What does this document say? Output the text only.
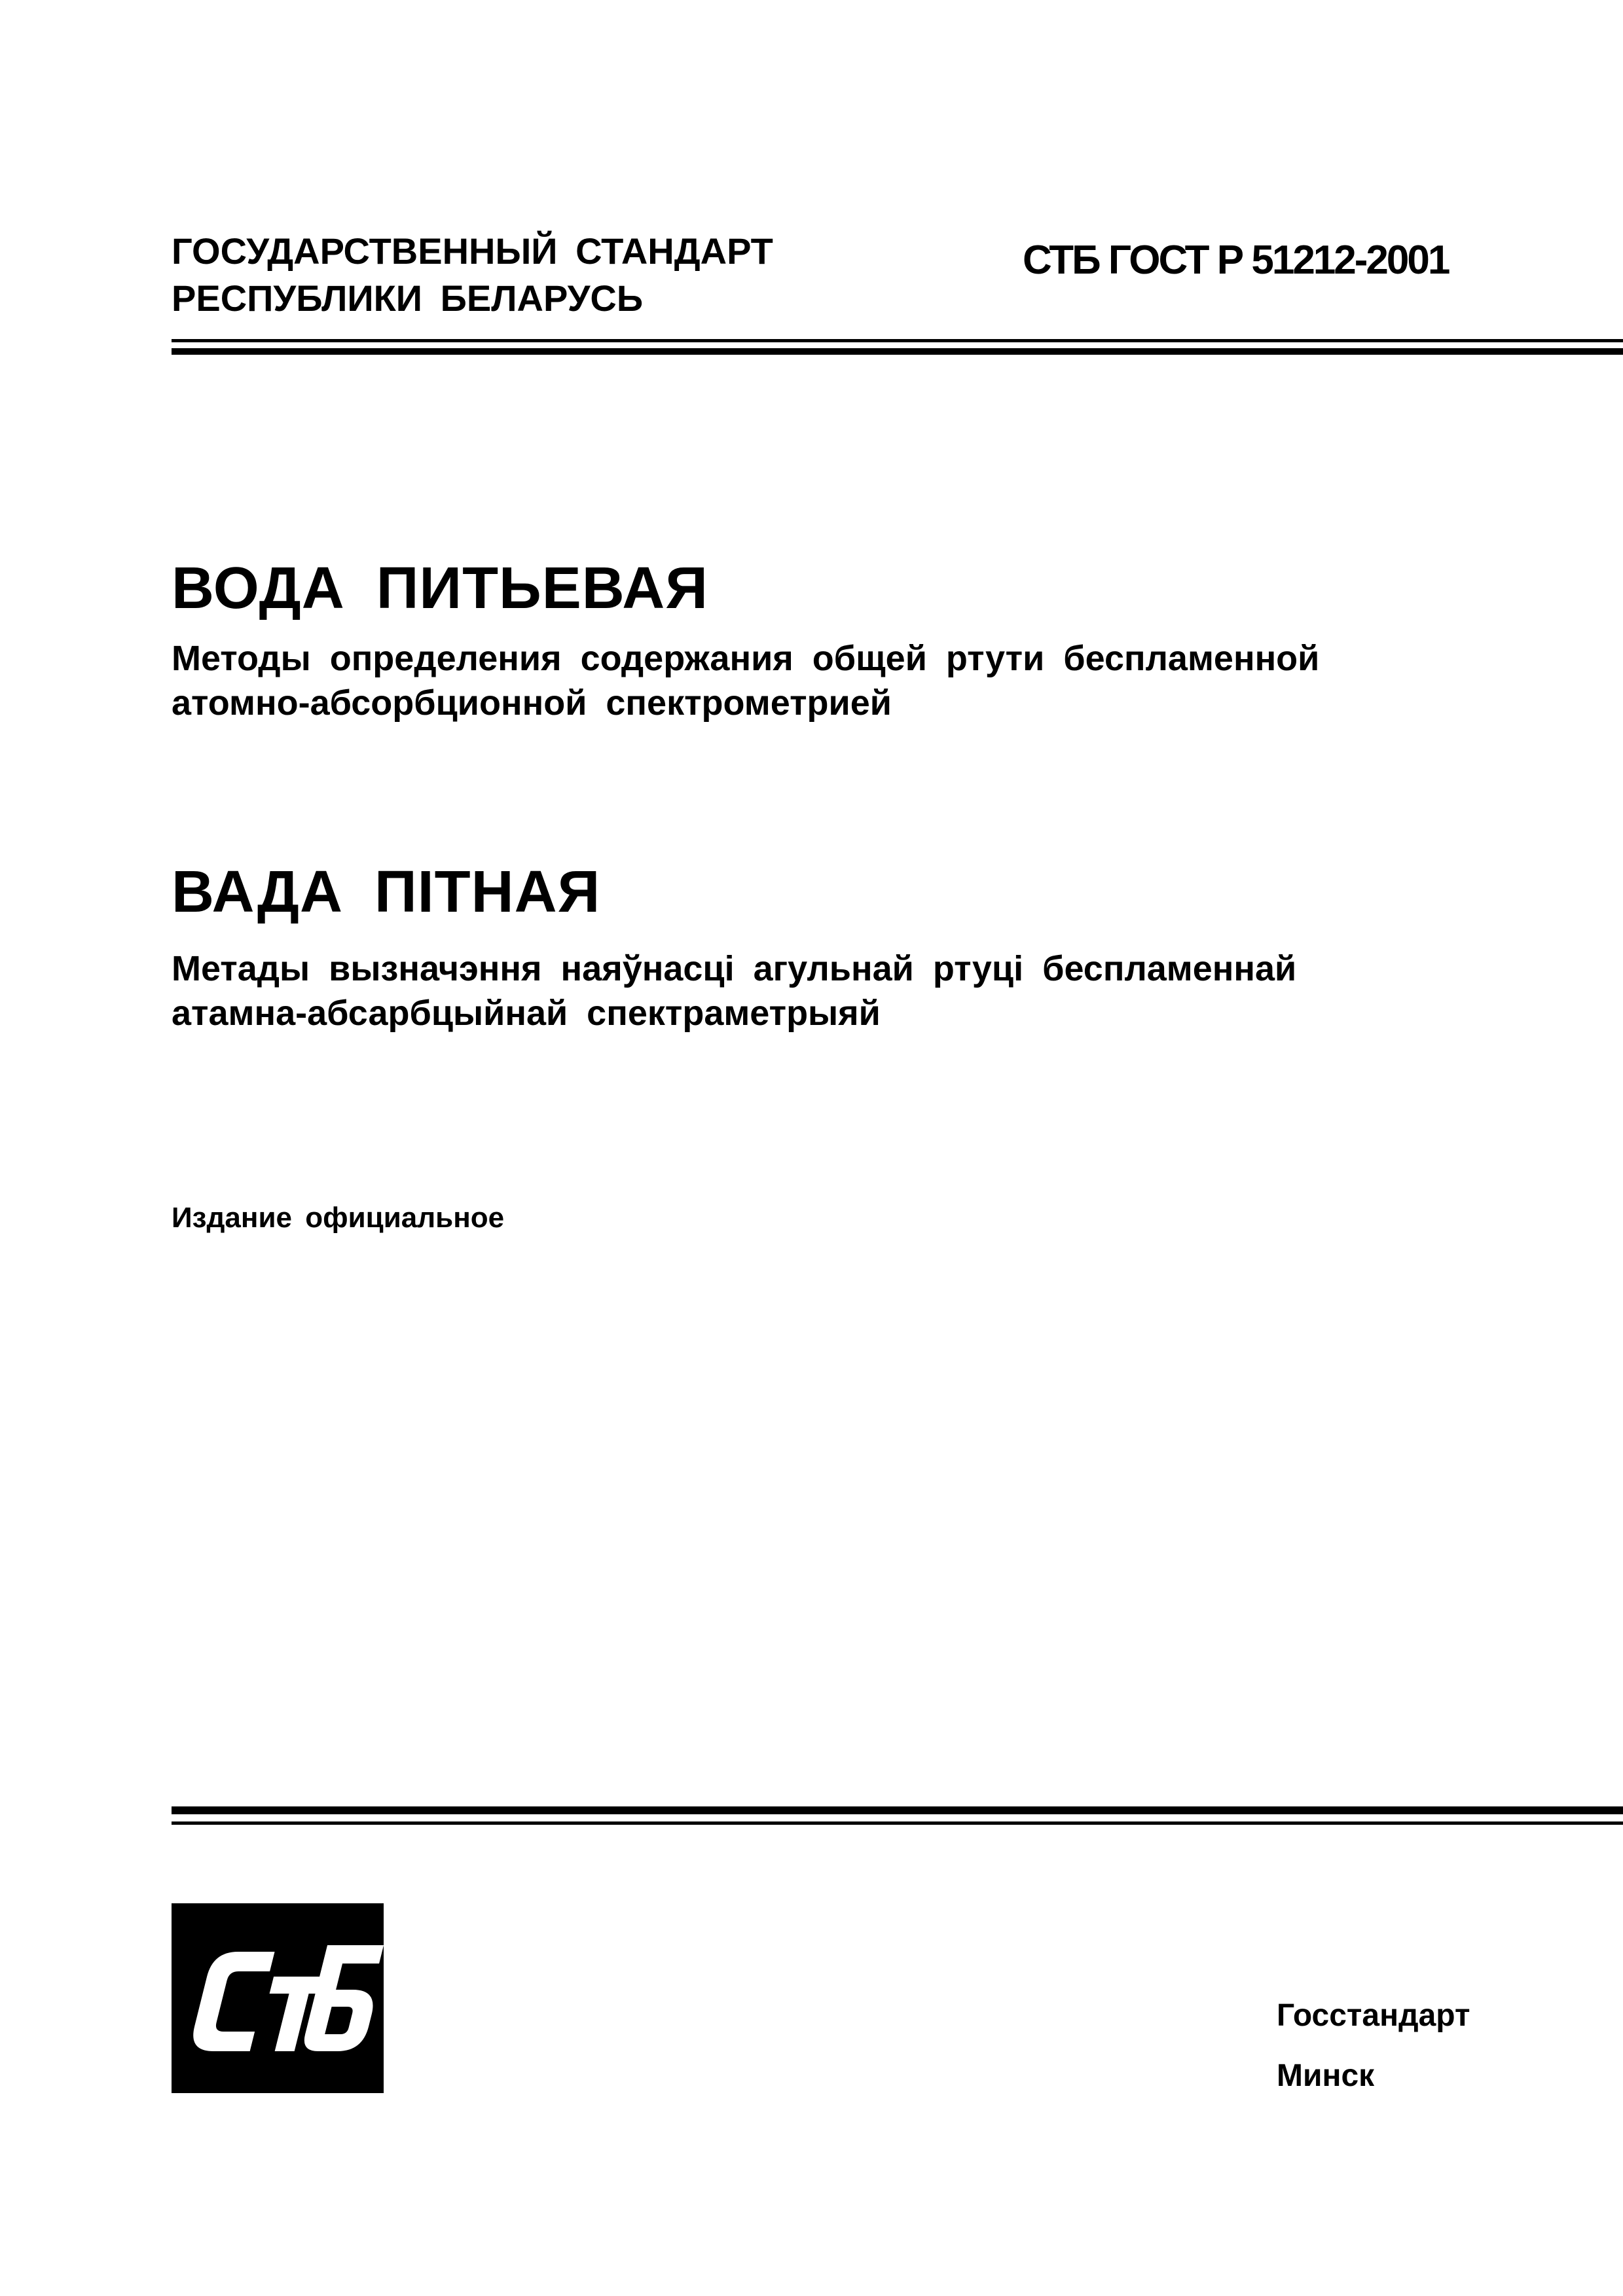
ГОСУДАРСТВЕННЫЙ СТАНДАРТ
РЕСПУБЛИКИ БЕЛАРУСЬ
СТБ ГОСТ Р 51212-2001
ВОДА ПИТЬЕВАЯ
Методы определения содержания общей ртути беспламенной
атомно-абсорбционной спектрометрией
ВАДА ПІТНАЯ
Метады вызначэння наяўнасці агульнай ртуці беспламеннай
атамна-абсарбцыйнай спектраметрыяй
Издание официальное
Госстандарт
Минск
